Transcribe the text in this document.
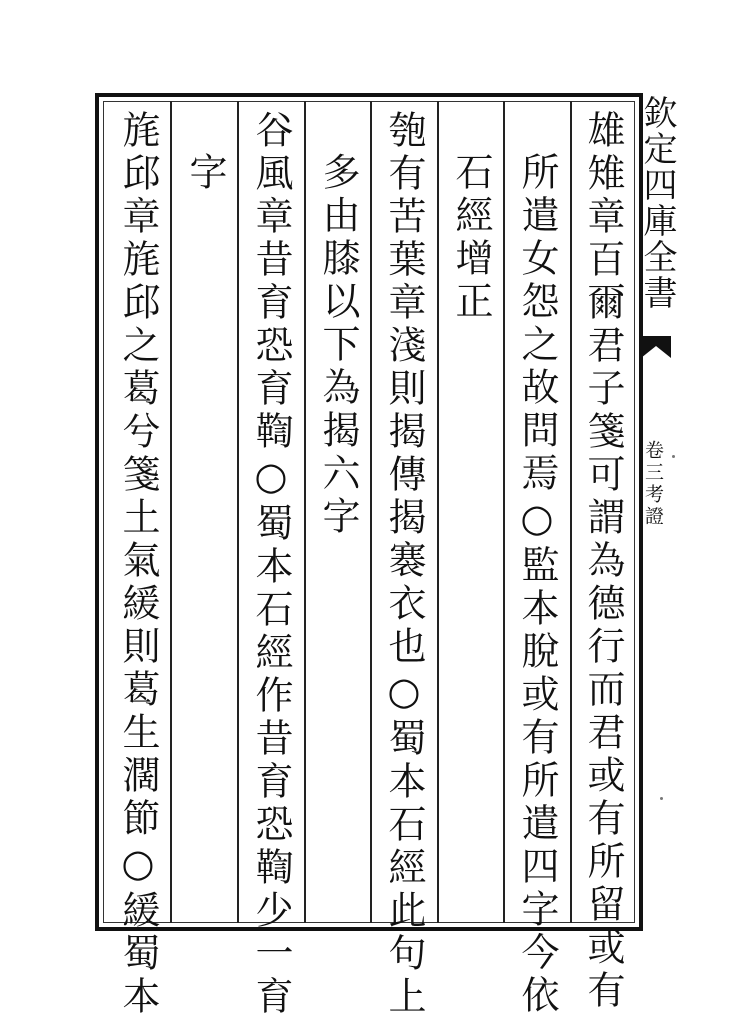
雄雉章百爾君子箋可謂為德行而君或有所留或有
所遣女怨之故問焉○監本脫或有所遣四字今依
石經增正
匏有苦葉章淺則揭傳揭褰衣也○蜀本石經此句上
多由膝以下為揭六字
谷風章昔育恐育鞫○蜀本石經作昔育恐鞫少一育
字
旄邱章旄邱之葛兮箋土氣緩則葛生濶節○緩蜀本	欽定四庫全書
卷三考證
